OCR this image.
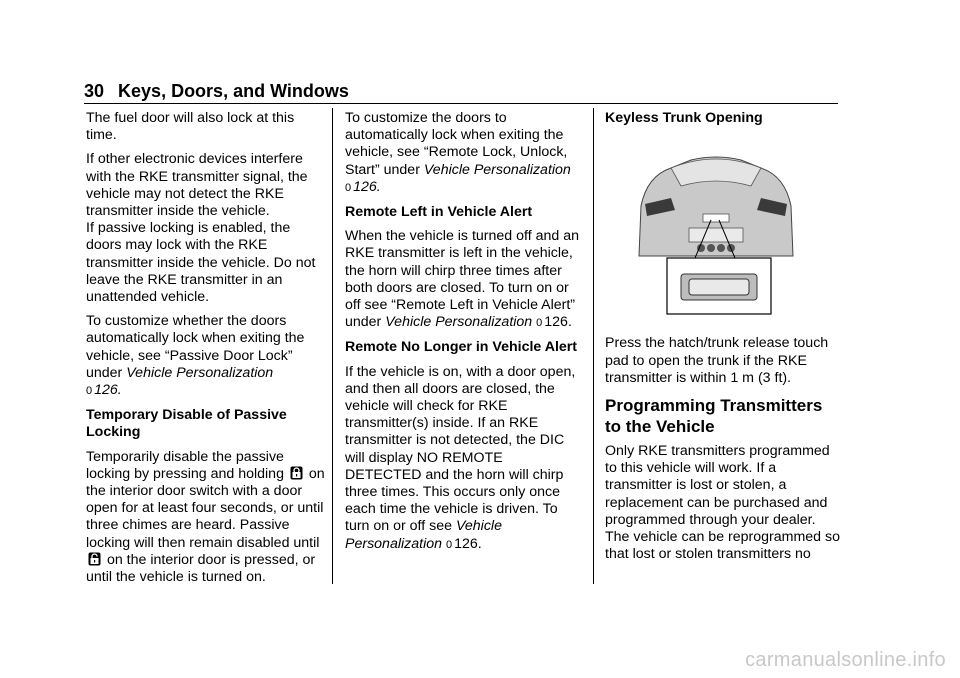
30 Keys, Doors, and Windows

The fuel door will also lock at this time.

If other electronic devices interfere with the RKE transmitter signal, the vehicle may not detect the RKE transmitter inside the vehicle.

If passive locking is enabled, the doors may lock with the RKE transmitter inside the vehicle. Do not leave the RKE transmitter in an unattended vehicle.

To customize whether the doors automatically lock when exiting the vehicle, see “Passive Door Lock” under Vehicle Personalization
0 126.

Temporary Disable of Passive Locking

Temporarily disable the passive locking by pressing and holding on the interior door switch with a door open for at least four seconds, or until three chimes are heard. Passive locking will then remain disabled until  on the interior door is pressed, or until the vehicle is turned on.

To customize the doors to automatically lock when exiting the vehicle, see “Remote Lock, Unlock, Start” under Vehicle Personalization
0 126.

Remote Left in Vehicle Alert

When the vehicle is turned off and an RKE transmitter is left in the vehicle, the horn will chirp three times after both doors are closed. To turn on or off see “Remote Left in Vehicle Alert” under Vehicle Personalization 0 126.

Remote No Longer in Vehicle Alert

If the vehicle is on, with a door open, and then all doors are closed, the vehicle will check for RKE transmitter(s) inside. If an RKE transmitter is not detected, the DIC will display NO REMOTE DETECTED and the horn will chirp three times. This occurs only once each time the vehicle is driven. To turn on or off see Vehicle Personalization 0 126.

Keyless Trunk Opening

Press the hatch/trunk release touch pad to open the trunk if the RKE transmitter is within 1 m (3 ft).

Programming Transmitters to the Vehicle

Only RKE transmitters programmed to this vehicle will work. If a transmitter is lost or stolen, a replacement can be purchased and programmed through your dealer. The vehicle can be reprogrammed so that lost or stolen transmitters no

carmanualsonline.info
